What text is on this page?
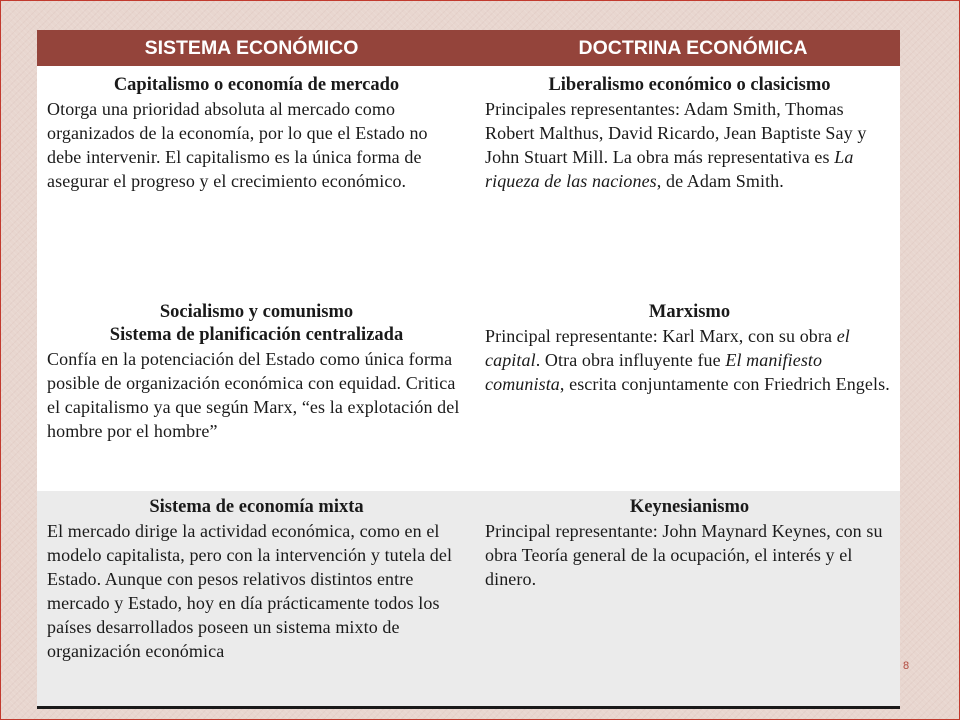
SISTEMA ECONÓMICO	DOCTRINA ECONÓMICA

Capitalismo o economía de mercado

Otorga una prioridad absoluta al mercado como organizados de la economía, por lo que el Estado no debe intervenir. El capitalismo es la única forma de asegurar el progreso y el crecimiento económico.

Liberalismo económico o clasicismo

Principales representantes: Adam Smith, Thomas Robert Malthus, David Ricardo, Jean Baptiste Say y John Stuart Mill. La obra más representativa es La riqueza de las naciones, de Adam Smith.

Socialismo y comunismo

Sistema de planificación centralizada

Confía en la potenciación del Estado como única forma posible de organización económica con equidad. Critica el capitalismo ya que según Marx, “es la explotación del hombre por el hombre”

Marxismo

Principal representante: Karl Marx, con su obra el capital. Otra obra influyente fue El manifiesto comunista, escrita conjuntamente con Friedrich Engels.

Sistema de economía mixta

El mercado dirige la actividad económica, como en el modelo capitalista, pero con la intervención y tutela del Estado. Aunque con pesos relativos distintos entre mercado y Estado, hoy en día prácticamente todos los países desarrollados poseen un sistema mixto de organización económica

Keynesianismo

Principal representante: John Maynard Keynes, con su obra Teoría general de la ocupación, el interés y el dinero.

8
